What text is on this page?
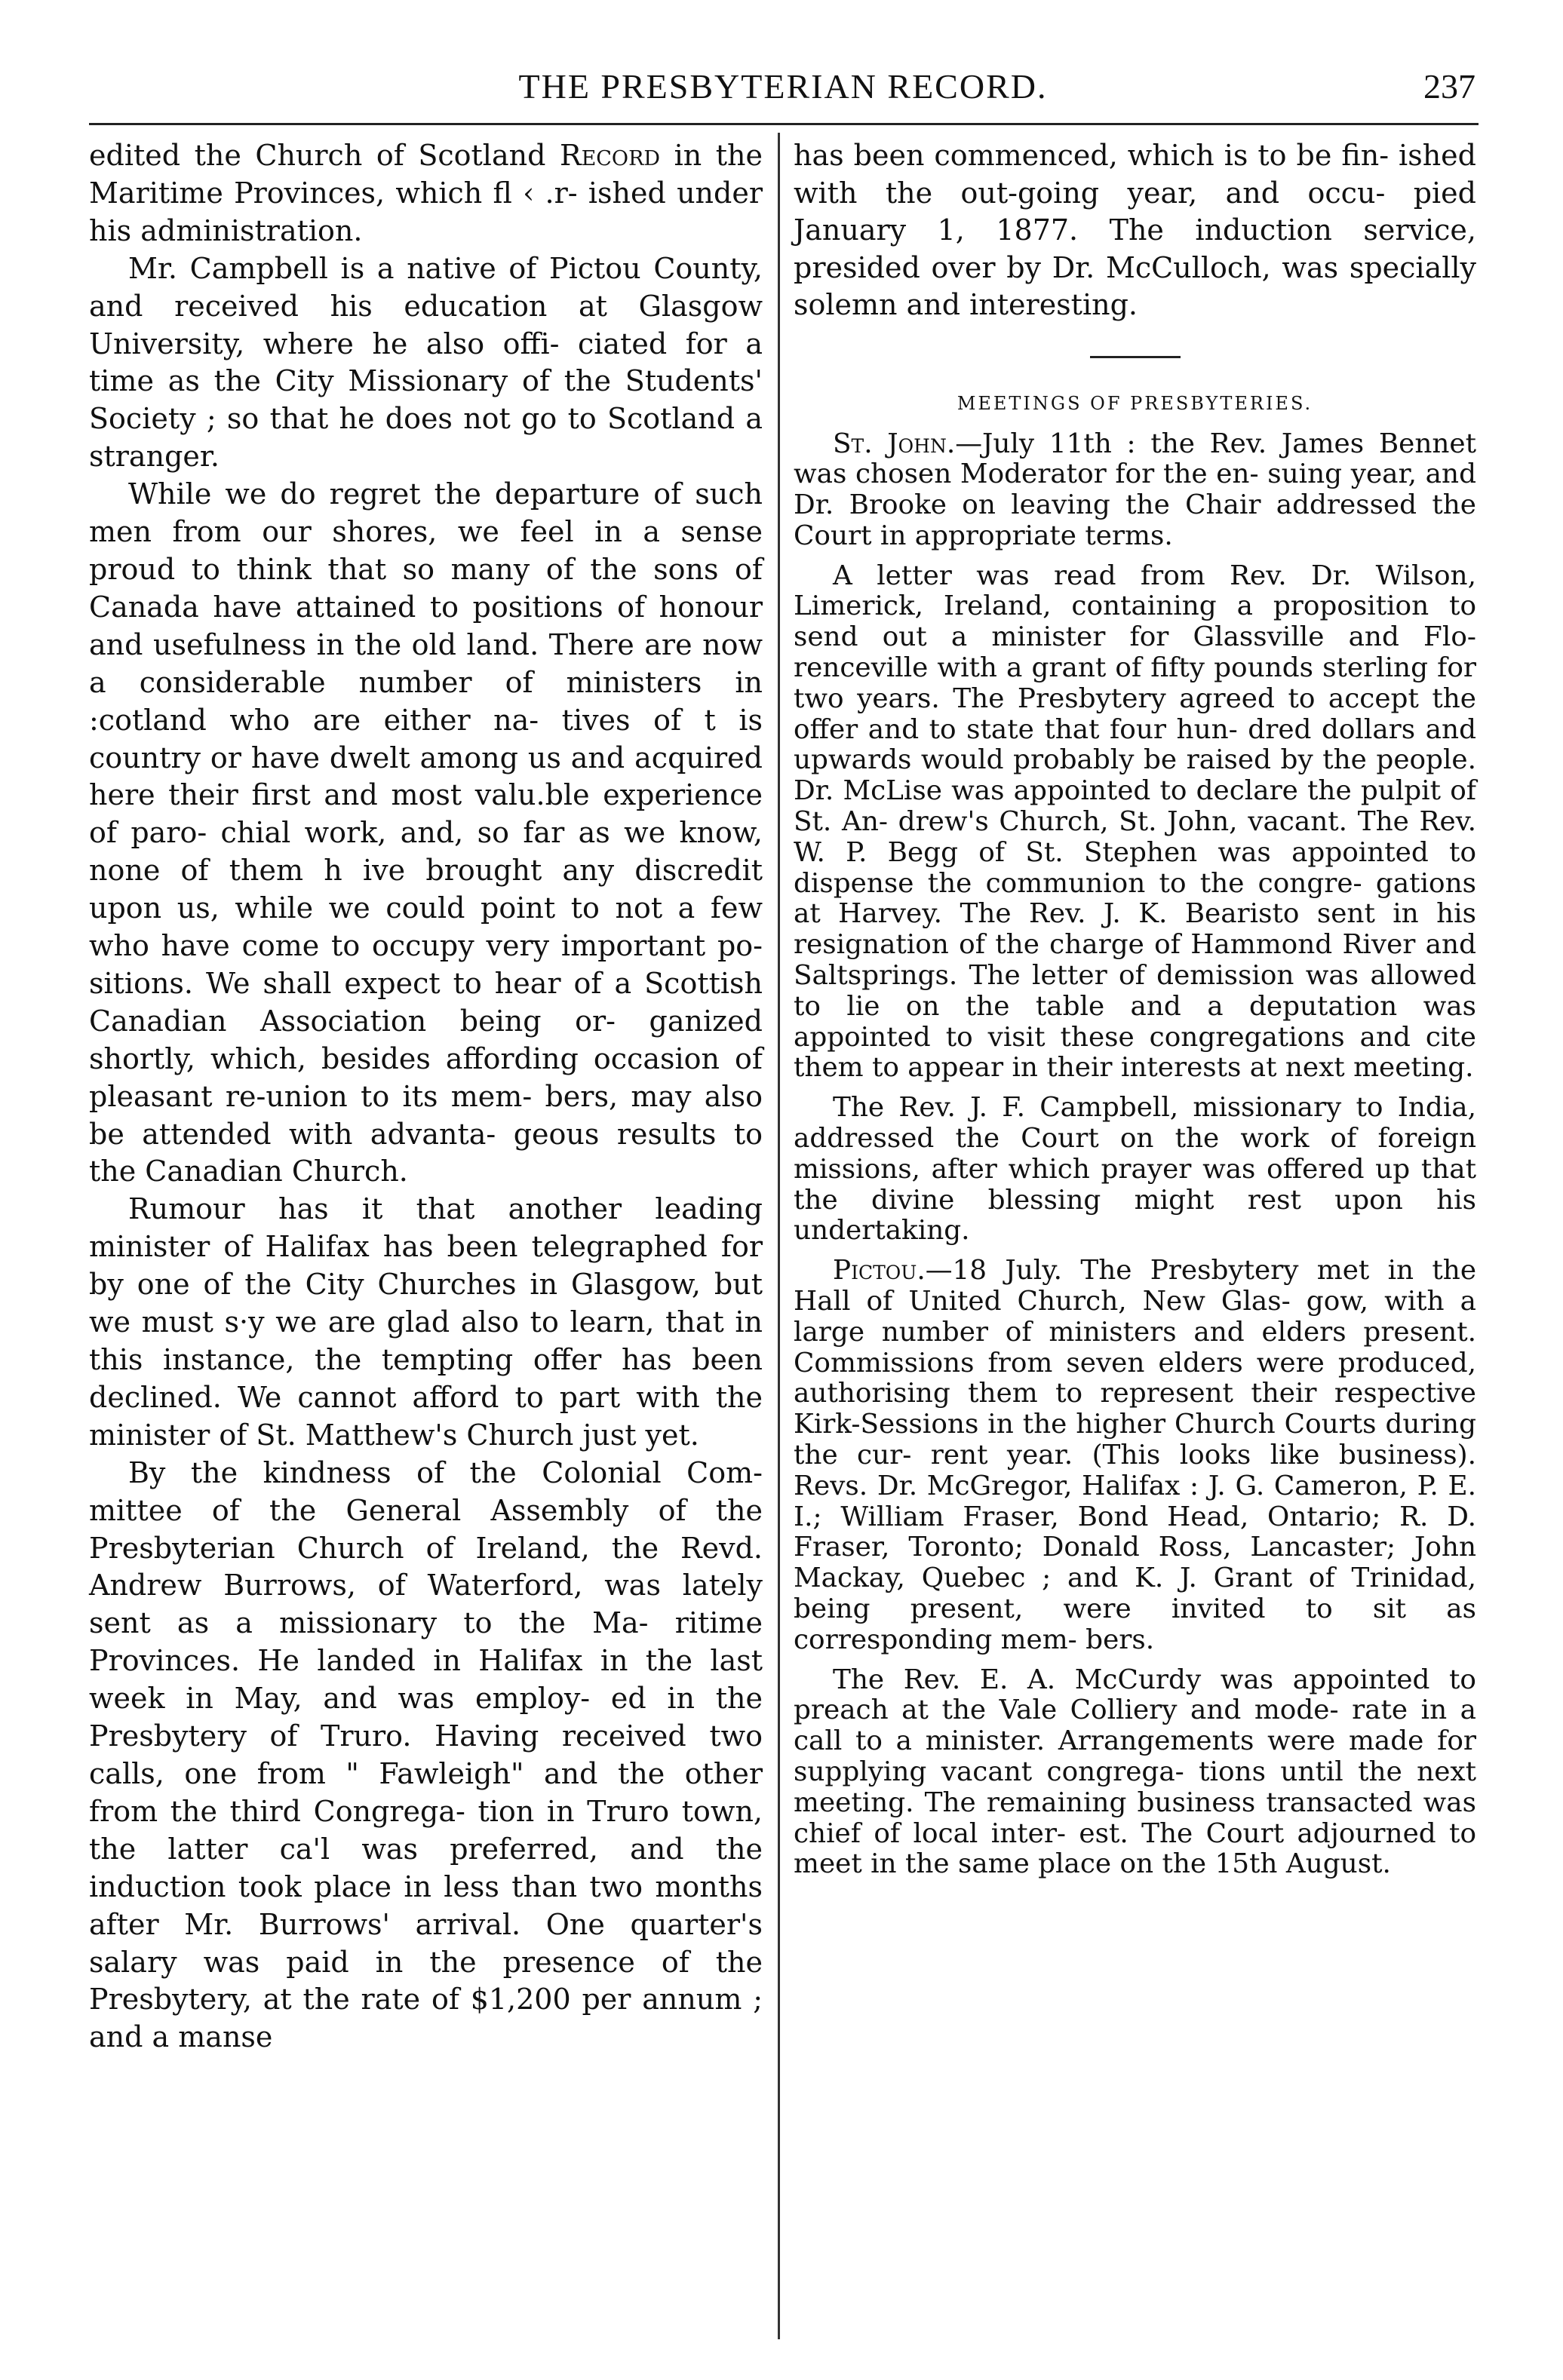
THE PRESBYTERIAN RECORD.	237

edited the Church of Scotland Record in the Maritime Provinces, which fl ‹ .r- ished under his administration.

Mr. Campbell is a native of Pictou County, and received his education at Glasgow University, where he also offi- ciated for a time as the City Missionary of the Students' Society ; so that he does not go to Scotland a stranger.

While we do regret the departure of such men from our shores, we feel in a sense proud to think that so many of the sons of Canada have attained to positions of honour and usefulness in the old land. There are now a considerable number of ministers in :cotland who are either na- tives of t is country or have dwelt among us and acquired here their first and most valu.ble experience of paro- chial work, and, so far as we know, none of them h ive brought any discredit upon us, while we could point to not a few who have come to occupy very important po- sitions. We shall expect to hear of a Scottish Canadian Association being or- ganized shortly, which, besides affording occasion of pleasant re-union to its mem- bers, may also be attended with advanta- geous results to the Canadian Church.

Rumour has it that another leading minister of Halifax has been telegraphed for by one of the City Churches in Glasgow, but we must s·y we are glad also to learn, that in this instance, the tempting offer has been declined. We cannot afford to part with the minister of St. Matthew's Church just yet.

By the kindness of the Colonial Com- mittee of the General Assembly of the Presbyterian Church of Ireland, the Revd. Andrew Burrows, of Waterford, was lately sent as a missionary to the Ma- ritime Provinces. He landed in Halifax in the last week in May, and was employ- ed in the Presbytery of Truro. Having received two calls, one from " Fawleigh" and the other from the third Congrega- tion in Truro town, the latter ca'l was preferred, and the induction took place in less than two months after Mr. Burrows' arrival. One quarter's salary was paid in the presence of the Presbytery, at the rate of $1,200 per annum ; and a manse

has been commenced, which is to be fin- ished with the out-going year, and occu- pied January 1, 1877. The induction service, presided over by Dr. McCulloch, was specially solemn and interesting.

MEETINGS OF PRESBYTERIES.

St. John.—July 11th : the Rev. James Bennet was chosen Moderator for the en- suing year, and Dr. Brooke on leaving the Chair addressed the Court in appropriate terms.

A letter was read from Rev. Dr. Wilson, Limerick, Ireland, containing a proposition to send out a minister for Glassville and Flo- renceville with a grant of fifty pounds sterling for two years. The Presbytery agreed to accept the offer and to state that four hun- dred dollars and upwards would probably be raised by the people. Dr. McLise was appointed to declare the pulpit of St. An- drew's Church, St. John, vacant. The Rev. W. P. Begg of St. Stephen was appointed to dispense the communion to the congre- gations at Harvey. The Rev. J. K. Bearisto sent in his resignation of the charge of Hammond River and Saltsprings. The letter of demission was allowed to lie on the table and a deputation was appointed to visit these congregations and cite them to appear in their interests at next meeting.

The Rev. J. F. Campbell, missionary to India, addressed the Court on the work of foreign missions, after which prayer was offered up that the divine blessing might rest upon his undertaking.

Pictou.—18 July. The Presbytery met in the Hall of United Church, New Glas- gow, with a large number of ministers and elders present. Commissions from seven elders were produced, authorising them to represent their respective Kirk-Sessions in the higher Church Courts during the cur- rent year. (This looks like business). Revs. Dr. McGregor, Halifax : J. G. Cameron, P. E. I.; William Fraser, Bond Head, Ontario; R. D. Fraser, Toronto; Donald Ross, Lancaster; John Mackay, Quebec ; and K. J. Grant of Trinidad, being present, were invited to sit as corresponding mem- bers.

The Rev. E. A. McCurdy was appointed to preach at the Vale Colliery and mode- rate in a call to a minister. Arrangements were made for supplying vacant congrega- tions until the next meeting. The remaining business transacted was chief of local inter- est. The Court adjourned to meet in the same place on the 15th August.
